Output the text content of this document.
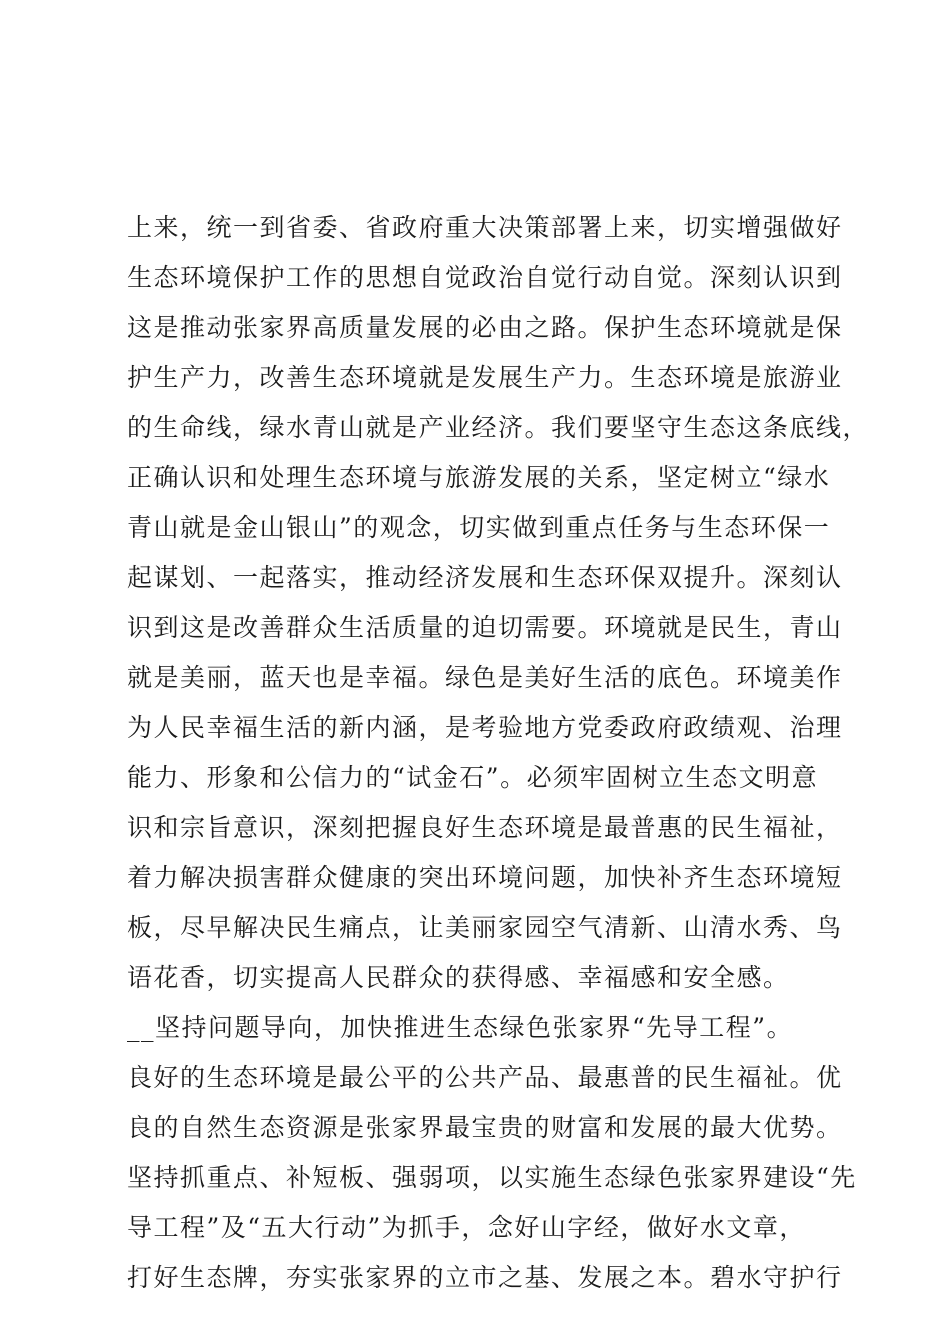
上来，统一到省委、省政府重大决策部署上来，切实增强做好
生态环境保护工作的思想自觉政治自觉行动自觉。深刻认识到
这是推动张家界高质量发展的必由之路。保护生态环境就是保
护生产力，改善生态环境就是发展生产力。生态环境是旅游业
的生命线，绿水青山就是产业经济。我们要坚守生态这条底线，
正确认识和处理生态环境与旅游发展的关系，坚定树立“绿水
青山就是金山银山”的观念，切实做到重点任务与生态环保一
起谋划、一起落实，推动经济发展和生态环保双提升。深刻认
识到这是改善群众生活质量的迫切需要。环境就是民生，青山
就是美丽，蓝天也是幸福。绿色是美好生活的底色。环境美作
为人民幸福生活的新内涵，是考验地方党委政府政绩观、治理
能力、形象和公信力的“试金石”。必须牢固树立生态文明意
识和宗旨意识，深刻把握良好生态环境是最普惠的民生福祉，
着力解决损害群众健康的突出环境问题，加快补齐生态环境短
板，尽早解决民生痛点，让美丽家园空气清新、山清水秀、鸟
语花香，切实提高人民群众的获得感、幸福感和安全感。
__坚持问题导向，加快推进生态绿色张家界“先导工程”。
良好的生态环境是最公平的公共产品、最惠普的民生福祉。优
良的自然生态资源是张家界最宝贵的财富和发展的最大优势。
坚持抓重点、补短板、强弱项，以实施生态绿色张家界建设“先
导工程”及“五大行动”为抓手，念好山字经，做好水文章，
打好生态牌，夯实张家界的立市之基、发展之本。碧水守护行
